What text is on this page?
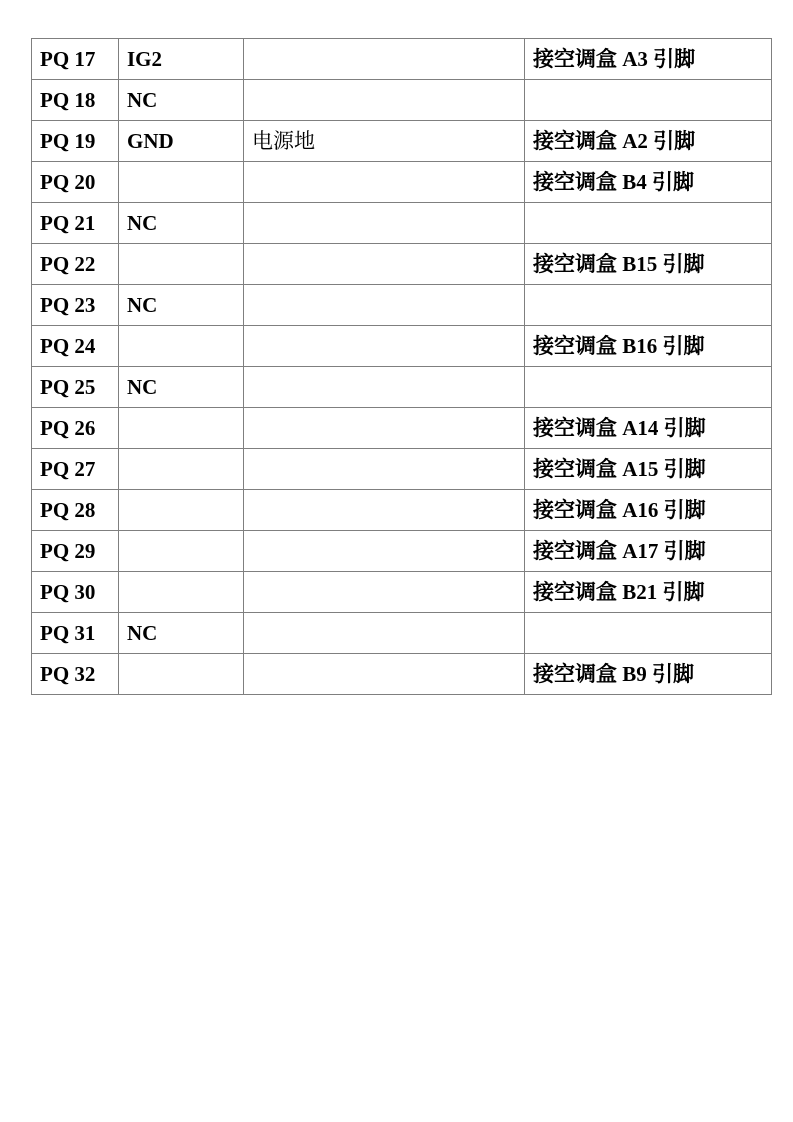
PQ 17	IG2		接空调盒 A3 引脚
PQ 18	NC		
PQ 19	GND	电源地	接空调盒 A2 引脚
PQ 20			接空调盒 B4 引脚
PQ 21	NC		
PQ 22			接空调盒 B15 引脚
PQ 23	NC		
PQ 24			接空调盒 B16 引脚
PQ 25	NC		
PQ 26			接空调盒 A14 引脚
PQ 27			接空调盒 A15 引脚
PQ 28			接空调盒 A16 引脚
PQ 29			接空调盒 A17 引脚
PQ 30			接空调盒 B21 引脚
PQ 31	NC		
PQ 32			接空调盒 B9 引脚
